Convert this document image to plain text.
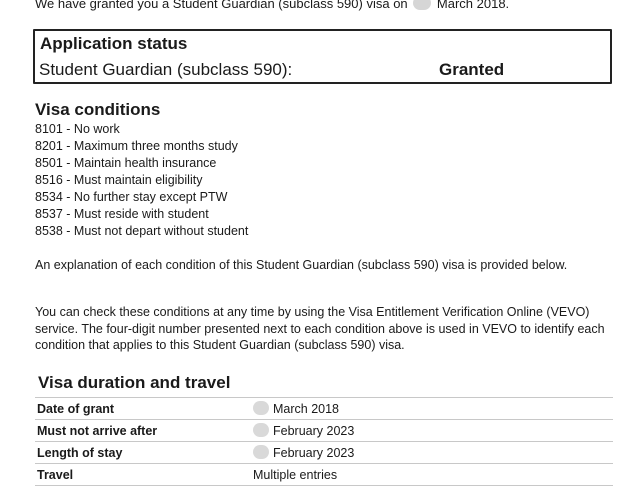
We have granted you a Student Guardian (subclass 590) visa on March 2018.
Application status
Student Guardian (subclass 590):	Granted
Visa conditions
8101 - No work
8201 - Maximum three months study
8501 - Maintain health insurance
8516 - Must maintain eligibility
8534 - No further stay except PTW
8537 - Must reside with student
8538 - Must not depart without student
An explanation of each condition of this Student Guardian (subclass 590) visa is provided below.
You can check these conditions at any time by using the Visa Entitlement Verification Online (VEVO) service. The four-digit number presented next to each condition above is used in VEVO to identify each condition that applies to this Student Guardian (subclass 590) visa.
Visa duration and travel
Date of grant	March 2018
Must not arrive after	February 2023
Length of stay	February 2023
Travel	Multiple entries
